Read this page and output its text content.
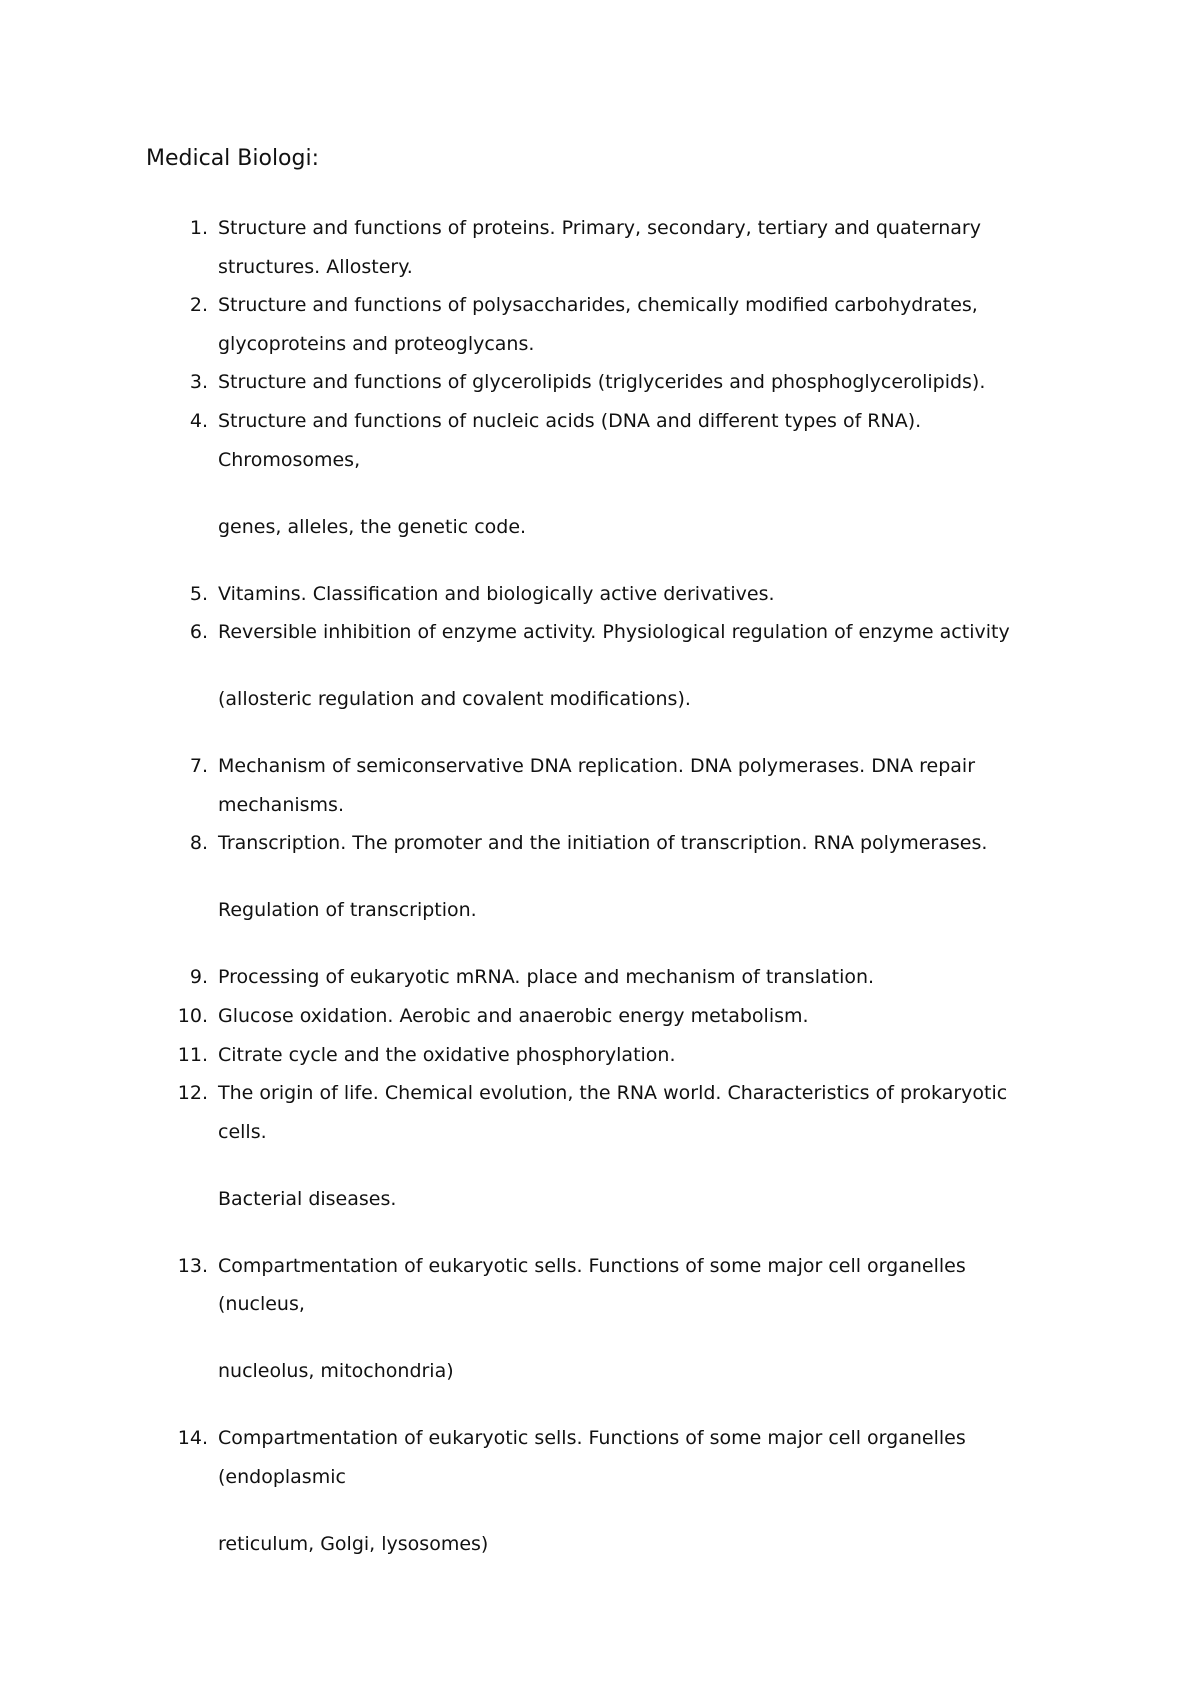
Medical Biologi:
1. Structure and functions of proteins. Primary, secondary, tertiary and quaternary
structures. Allostery.
2. Structure and functions of polysaccharides, chemically modified carbohydrates,
glycoproteins and proteoglycans.
3. Structure and functions of glycerolipids (triglycerides and phosphoglycerolipids).
4. Structure and functions of nucleic acids (DNA and different types of RNA).
Chromosomes,
genes, alleles, the genetic code.
5. Vitamins. Classification and biologically active derivatives.
6. Reversible inhibition of enzyme activity. Physiological regulation of enzyme activity
(allosteric regulation and covalent modifications).
7. Mechanism of semiconservative DNA replication. DNA polymerases. DNA repair
mechanisms.
8. Transcription. The promoter and the initiation of transcription. RNA polymerases.
Regulation of transcription.
9. Processing of eukaryotic mRNA. place and mechanism of translation.
10. Glucose oxidation. Aerobic and anaerobic energy metabolism.
11. Citrate cycle and the oxidative phosphorylation.
12. The origin of life. Chemical evolution, the RNA world. Characteristics of prokaryotic
cells.
Bacterial diseases.
13. Compartmentation of eukaryotic sells. Functions of some major cell organelles
(nucleus,
nucleolus, mitochondria)
14. Compartmentation of eukaryotic sells. Functions of some major cell organelles
(endoplasmic
reticulum, Golgi, lysosomes)
